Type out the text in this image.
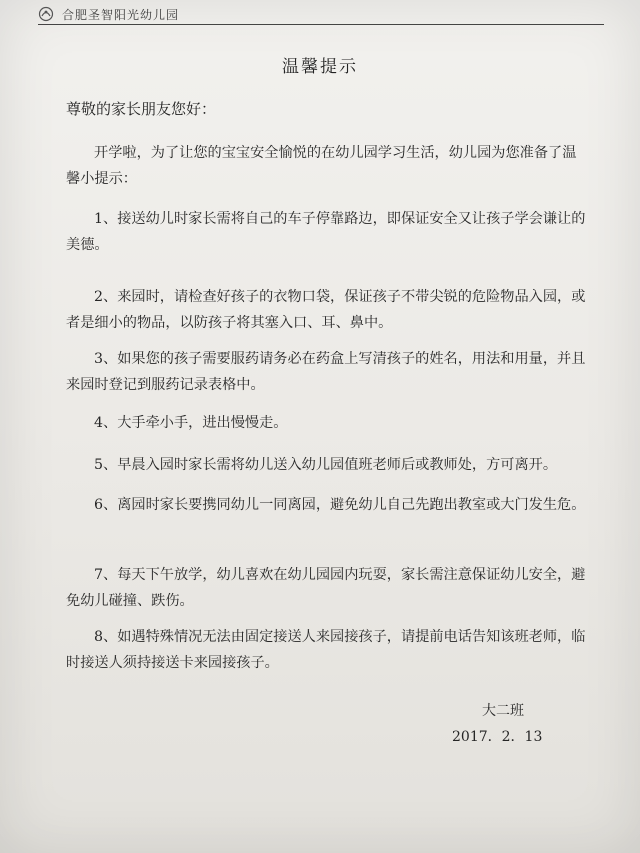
合肥圣智阳光幼儿园
温馨提示
尊敬的家长朋友您好：
开学啦，为了让您的宝宝安全愉悦的在幼儿园学习生活，幼儿园为您准备了温馨小提示：
1、接送幼儿时家长需将自己的车子停靠路边，即保证安全又让孩子学会谦让的美德。
2、来园时，请检查好孩子的衣物口袋，保证孩子不带尖锐的危险物品入园，或者是细小的物品，以防孩子将其塞入口、耳、鼻中。
3、如果您的孩子需要服药请务必在药盒上写清孩子的姓名，用法和用量，并且来园时登记到服药记录表格中。
4、大手牵小手，进出慢慢走。
5、早晨入园时家长需将幼儿送入幼儿园值班老师后或教师处，方可离开。
6、离园时家长要携同幼儿一同离园，避免幼儿自己先跑出教室或大门发生危。
7、每天下午放学，幼儿喜欢在幼儿园园内玩耍，家长需注意保证幼儿安全，避免幼儿碰撞、跌伤。
8、如遇特殊情况无法由固定接送人来园接孩子，请提前电话告知该班老师，临时接送人须持接送卡来园接孩子。
大二班
2017．2．13
